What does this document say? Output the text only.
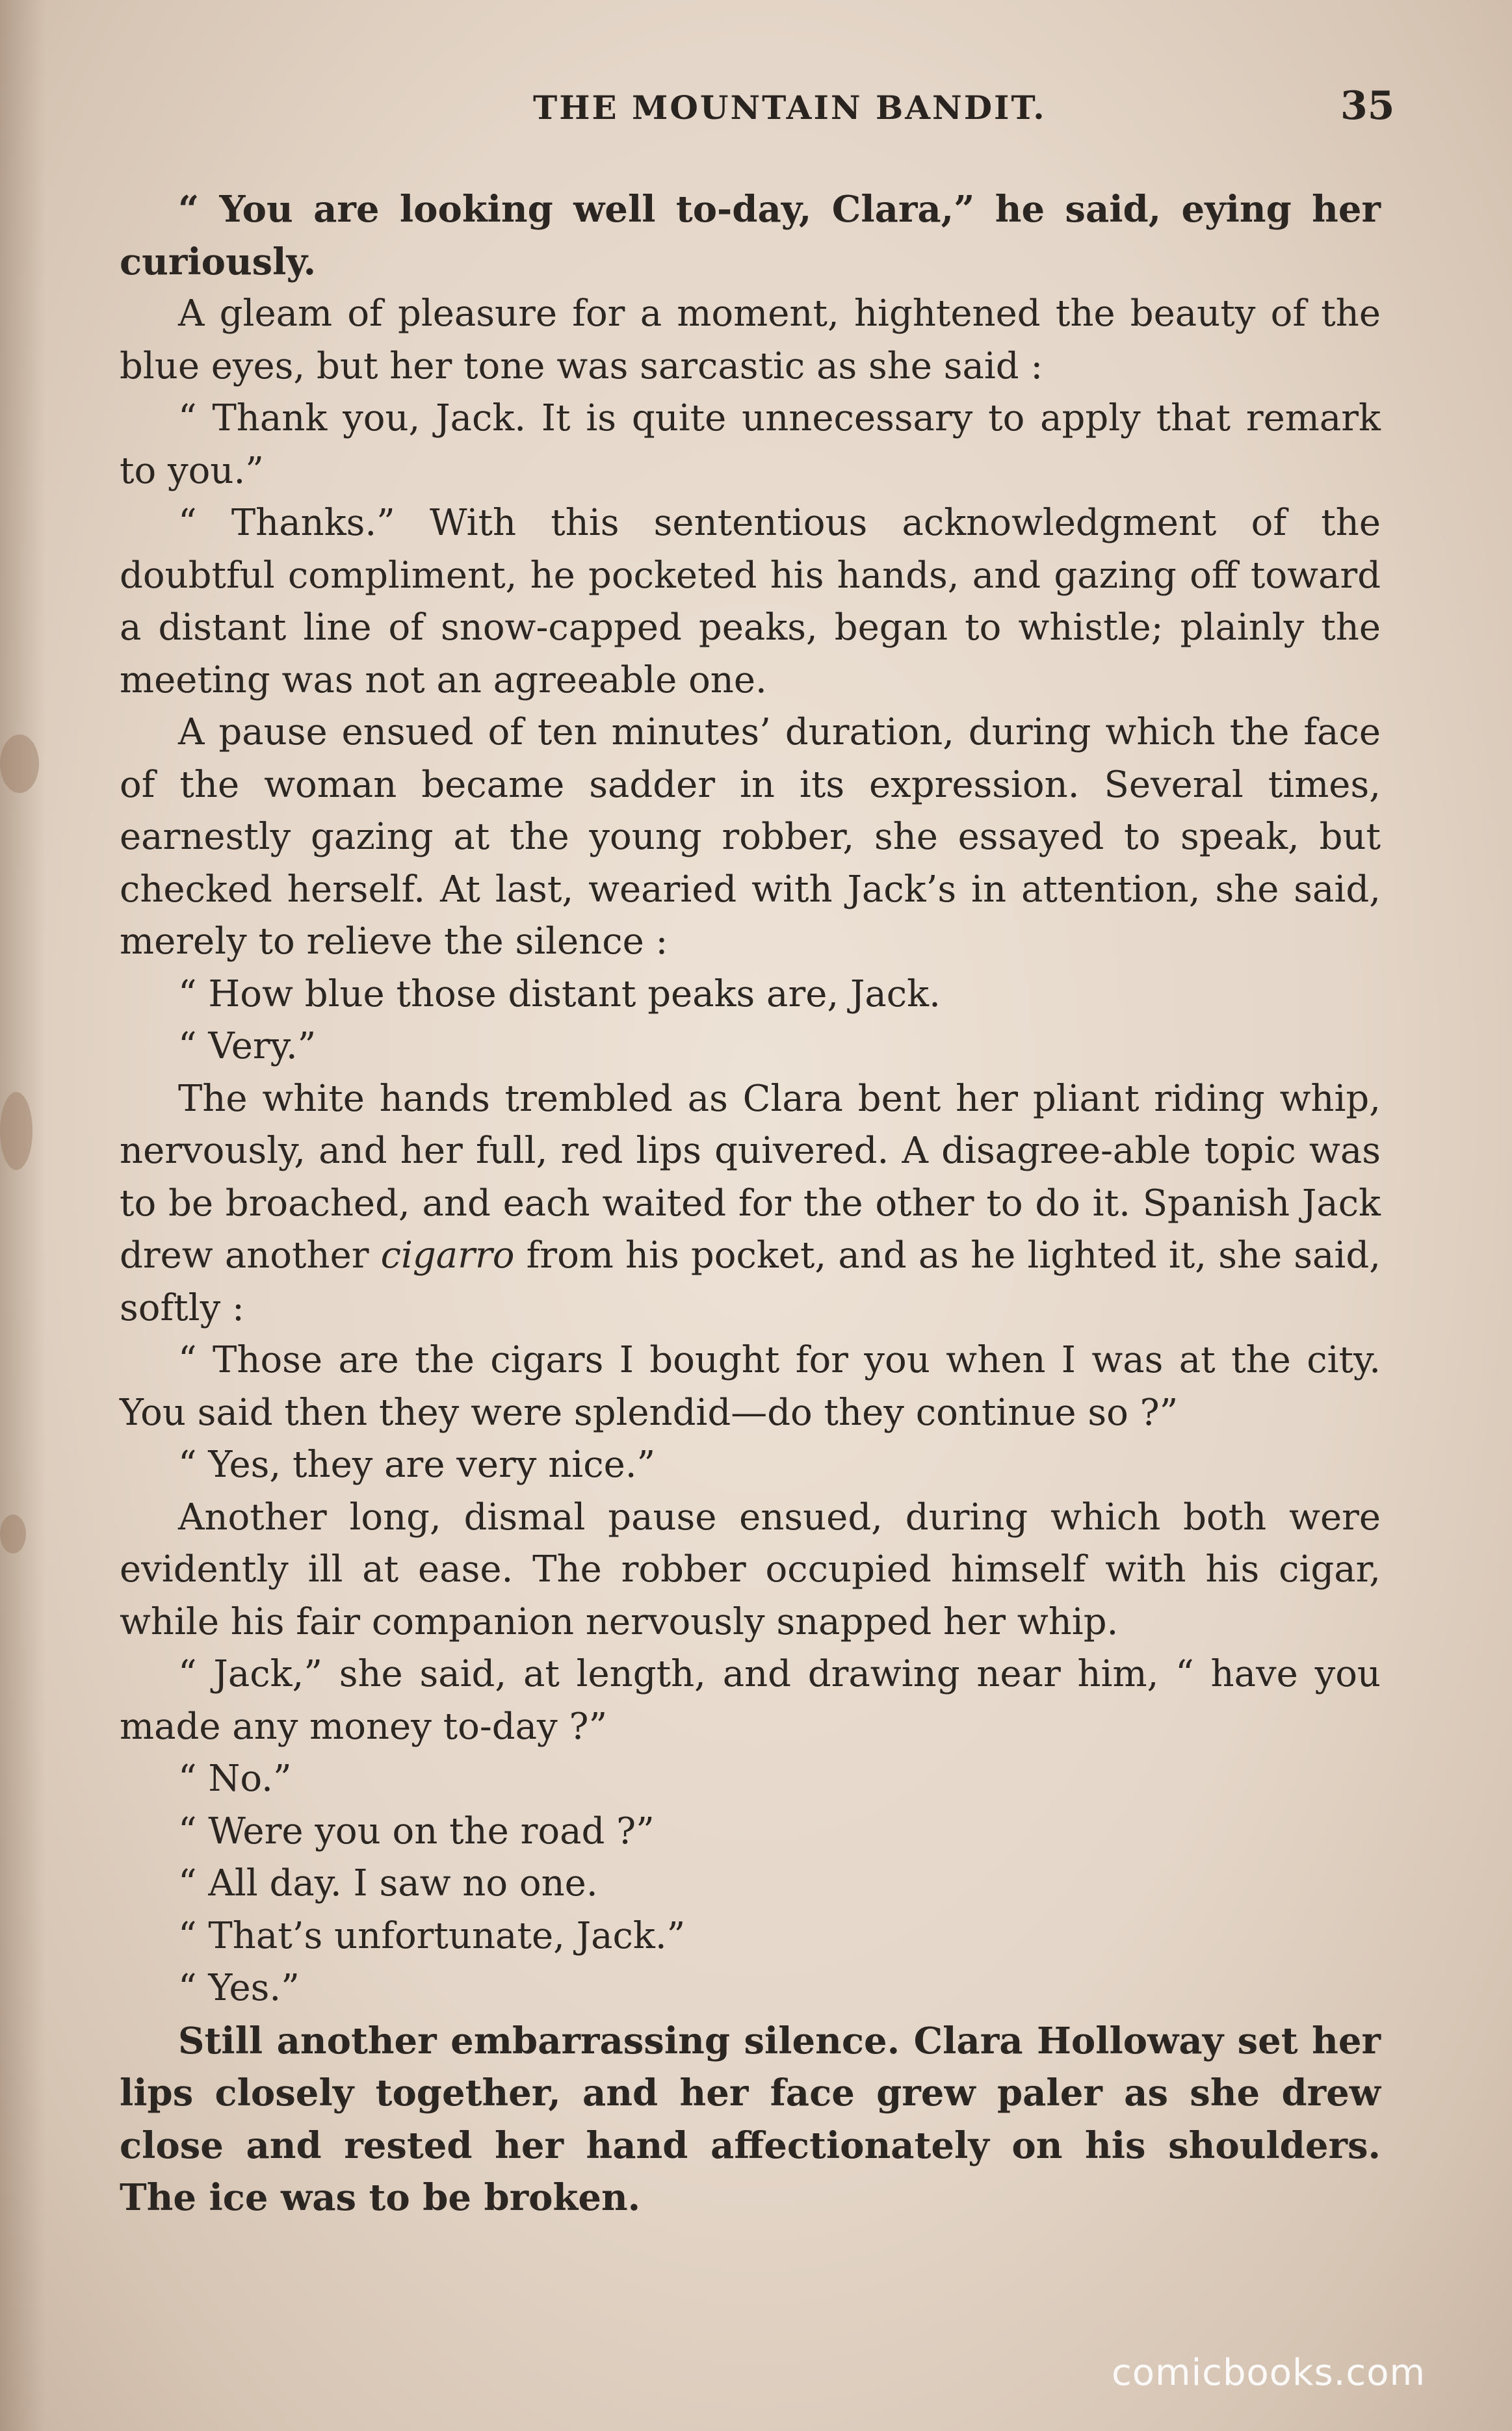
THE MOUNTAIN BANDIT.	35

“ You are looking well to-day, Clara,” he said, eying her curiously.

A gleam of pleasure for a moment, hightened the beauty of the blue eyes, but her tone was sarcastic as she said :

“ Thank you, Jack. It is quite unnecessary to apply that remark to you.”

“ Thanks.” With this sententious acknowledgment of the doubtful compliment, he pocketed his hands, and gazing off toward a distant line of snow-capped peaks, began to whistle; plainly the meeting was not an agreeable one.

A pause ensued of ten minutes’ duration, during which the face of the woman became sadder in its expression. Several times, earnestly gazing at the young robber, she essayed to speak, but checked herself. At last, wearied with Jack’s in attention, she said, merely to relieve the silence :

“ How blue those distant peaks are, Jack.

“ Very.”

The white hands trembled as Clara bent her pliant riding whip, nervously, and her full, red lips quivered. A disagree-able topic was to be broached, and each waited for the other to do it. Spanish Jack drew another cigarro from his pocket, and as he lighted it, she said, softly :

“ Those are the cigars I bought for you when I was at the city. You said then they were splendid—do they continue so ?”

“ Yes, they are very nice.”

Another long, dismal pause ensued, during which both were evidently ill at ease. The robber occupied himself with his cigar, while his fair companion nervously snapped her whip.

“ Jack,” she said, at length, and drawing near him, “ have you made any money to-day ?”

“ No.”

“ Were you on the road ?”

“ All day. I saw no one.

“ That’s unfortunate, Jack.”

“ Yes.”

Still another embarrassing silence. Clara Holloway set her lips closely together, and her face grew paler as she drew close and rested her hand affectionately on his shoulders. The ice was to be broken.

comicbooks.com
